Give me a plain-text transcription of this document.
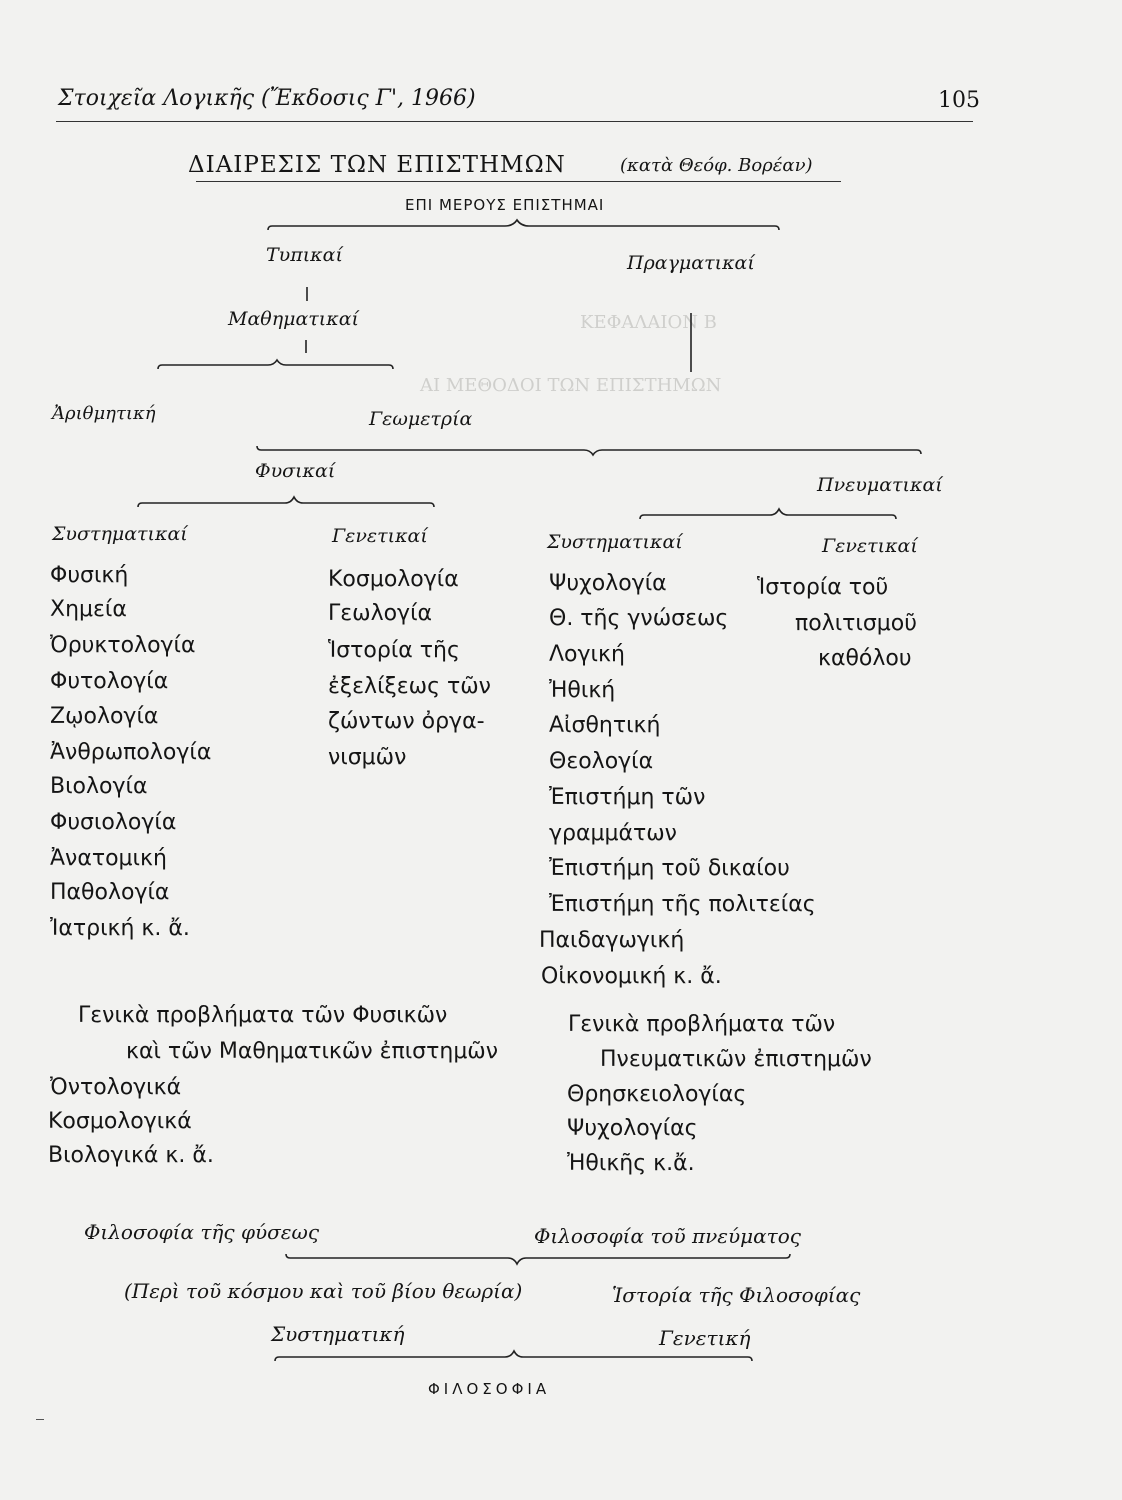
ΑΙ ΜΕΘΟΔΟΙ ΤΩΝ ΕΠΙΣΤΗΜΩΝ
ΚΕΦΑΛΑΙΟΝ Β
Στοιχεῖα Λογικῆς (Ἔκδοσις Γ', 1966)	105
ΔΙΑΙΡΕΣΙΣ ΤΩΝ ΕΠΙΣΤΗΜΩΝ	(κατὰ Θεόφ. Βορέαν)
ΕΠΙ ΜΕΡΟΥΣ ΕΠΙΣΤΗΜΑΙ
Τυπικαί	Πραγματικαί
Μαθηματικαί
Ἀριθμητική	Γεωμετρία
Φυσικαί
Πνευματικαί
Συστηματικαί	Γενετικαί	Συστηματικαί	Γενετικαί
Φυσική
Χημεία
Ὀρυκτολογία
Φυτολογία
Ζῳολογία
Ἀνθρωπολογία
Βιολογία
Φυσιολογία
Ἀνατομική
Παθολογία
Ἰατρική κ. ἄ.
Κοσμολογία
Γεωλογία
Ἱστορία τῆς
ἐξελίξεως τῶν
ζώντων ὀργα-
νισμῶν
Ψυχολογία
Θ. τῆς γνώσεως
Λογική
Ἠθική
Αἰσθητική
Θεολογία
Ἐπιστήμη τῶν
γραμμάτων
Ἐπιστήμη τοῦ δικαίου
Ἐπιστήμη τῆς πολιτείας
Παιδαγωγική
Οἰκονομική κ. ἄ.
Ἱστορία τοῦ
πολιτισμοῦ
καθόλου
Γενικὰ προβλήματα τῶν Φυσικῶν
καὶ τῶν Μαθηματικῶν ἐπιστημῶν
Ὀντολογικά
Κοσμολογικά
Βιολογικά κ. ἄ.
Γενικὰ προβλήματα τῶν
Πνευματικῶν ἐπιστημῶν
Θρησκειολογίας
Ψυχολογίας
Ἠθικῆς κ.ἄ.
Φιλοσοφία τῆς φύσεως	Φιλοσοφία τοῦ πνεύματος
(Περὶ τοῦ κόσμου καὶ τοῦ βίου θεωρία)	Ἱστορία τῆς Φιλοσοφίας
Συστηματική	Γενετική
ΦΙΛΟΣΟΦΙΑ
